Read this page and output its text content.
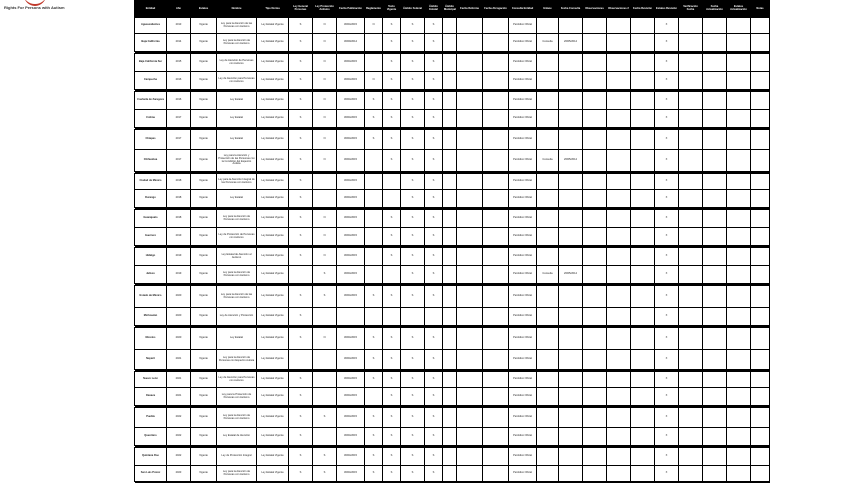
Rights For Persons with Autism	Entidad	Año	Estatus	Nombre	Tipo Norma	Ley General Personas	Ley Protección Autismo	Fecha Publicación	Reglamento	Texto Vigente	Ámbito Federal	Ámbito Estatal	Ámbito Municipal	Fecha Reforma	Fecha Abrogación	Consulta Entidad	Enlace	Fecha Consulta	Observaciones	Observaciones 2	Fecha Revisión	Estatus Revisión	Verificación Fecha	Fecha Actualización	Estatus Actualización	Notas
Aguascalientes	2013	Vigente	Ley para la Atención de las Personas con Autismo	Ley Estatal Vigente	S	N	30/04/2015	N	S	S	S				Periódico Oficial						X				
Baja California	2014	Vigente	Ley para la Atención de Personas con Autismo	Ley Estatal Vigente	S	N	30/09/2014		S	S	S				Periódico Oficial	Consulta	26/05/2014				X				

Baja California Sur	2015	Vigente	Ley de Atención de Personas con Autismo	Ley Estatal Vigente	S	N	30/04/2015		S	S	S				Periódico Oficial						X				
Campeche	2016	Vigente	Ley de Atención para Personas con Autismo	Ley Estatal Vigente	S	N	30/04/2015	N	S	S	S				Periódico Oficial						X				

Coahuila de Zaragoza	2016	Vigente	Ley Estatal	Ley Estatal Vigente	S	N	30/04/2015	S	S	S	S				Periódico Oficial						X				
Colima	2017	Vigente	Ley Estatal	Ley Estatal Vigente	S	N	30/04/2015	S	S	S	S				Periódico Oficial						X				

Chiapas	2017	Vigente	Ley Estatal	Ley Estatal Vigente	S	N	30/04/2015	S	S	S	S				Periódico Oficial						X				
Chihuahua	2017	Vigente	Ley para la Atención y Protección de las Personas con la Condición del Espectro Autista	Ley Estatal Vigente	S	N	30/04/2015		S	S	S				Periódico Oficial	Consulta	26/05/2014				X				

Ciudad de México	2018	Vigente	Ley para la Atención Integral de las Personas con Autismo	Ley Estatal Vigente	S		30/04/2015			S	S				Periódico Oficial						X				
Durango	2018	Vigente	Ley Estatal	Ley Estatal Vigente	S		30/04/2015			S	S				Periódico Oficial						X				

Guanajuato	2018	Vigente	Ley para la Atención de Personas con Autismo	Ley Estatal Vigente	S	N	30/04/2015		S	S	S				Periódico Oficial						X				
Guerrero	2019	Vigente	Ley de Protección de Personas con Autismo	Ley Estatal Vigente	S	N	30/04/2015		S	S	S				Periódico Oficial						X				

Hidalgo	2019	Vigente	Ley Estatal de Atención al Autismo	Ley Estatal Vigente	S	N	30/04/2015		S	S	S				Periódico Oficial						X				
Jalisco	2019	Vigente	Ley para la Atención de Personas con Autismo	Ley Estatal Vigente		S	30/04/2015			S	S				Periódico Oficial	Consulta	26/05/2014				X				

Estado de México	2020	Vigente	Ley para la Atención de las Personas con Autismo	Ley Estatal Vigente	S	S	30/04/2015	S	S	S	S				Periódico Oficial						X				
Michoacán	2020	Vigente	Ley de Atención y Protección	Ley Estatal Vigente	S										Periódico Oficial						X				

Morelos	2020	Vigente	Ley Estatal	Ley Estatal Vigente	S	N	30/04/2015	S	S	S	S				Periódico Oficial						X				
Nayarit	2021	Vigente	Ley para la Atención de Personas con Espectro Autista	Ley Estatal Vigente			30/04/2015	S	S	S	S				Periódico Oficial						X				

Nuevo León	2021	Vigente	Ley de Atención para Personas con Autismo	Ley Estatal Vigente	S		30/04/2015	S	S	S	S				Periódico Oficial						X				
Oaxaca	2021	Vigente	Ley para la Protección de Personas con Autismo	Ley Estatal Vigente	S		30/04/2015		S	S	S				Periódico Oficial						X				

Puebla	2022	Vigente	Ley para la Atención de Personas con Autismo	Ley Estatal Vigente	S	S	30/04/2015	S	S	S	S				Periódico Oficial						X				
Querétaro	2022	Vigente	Ley Estatal de Atención	Ley Estatal Vigente	S		30/04/2015	S	S	S	S				Periódico Oficial						X				

Quintana Roo	2022	Vigente	Ley de Protección Integral	Ley Estatal Vigente	S	S	30/04/2015	S	S	S	S				Periódico Oficial						X				
San Luis Potosí	2023	Vigente	Ley para la Atención de Personas con Autismo	Ley Estatal Vigente	S	S	30/04/2015	S	S	S	S				Periódico Oficial						X				
